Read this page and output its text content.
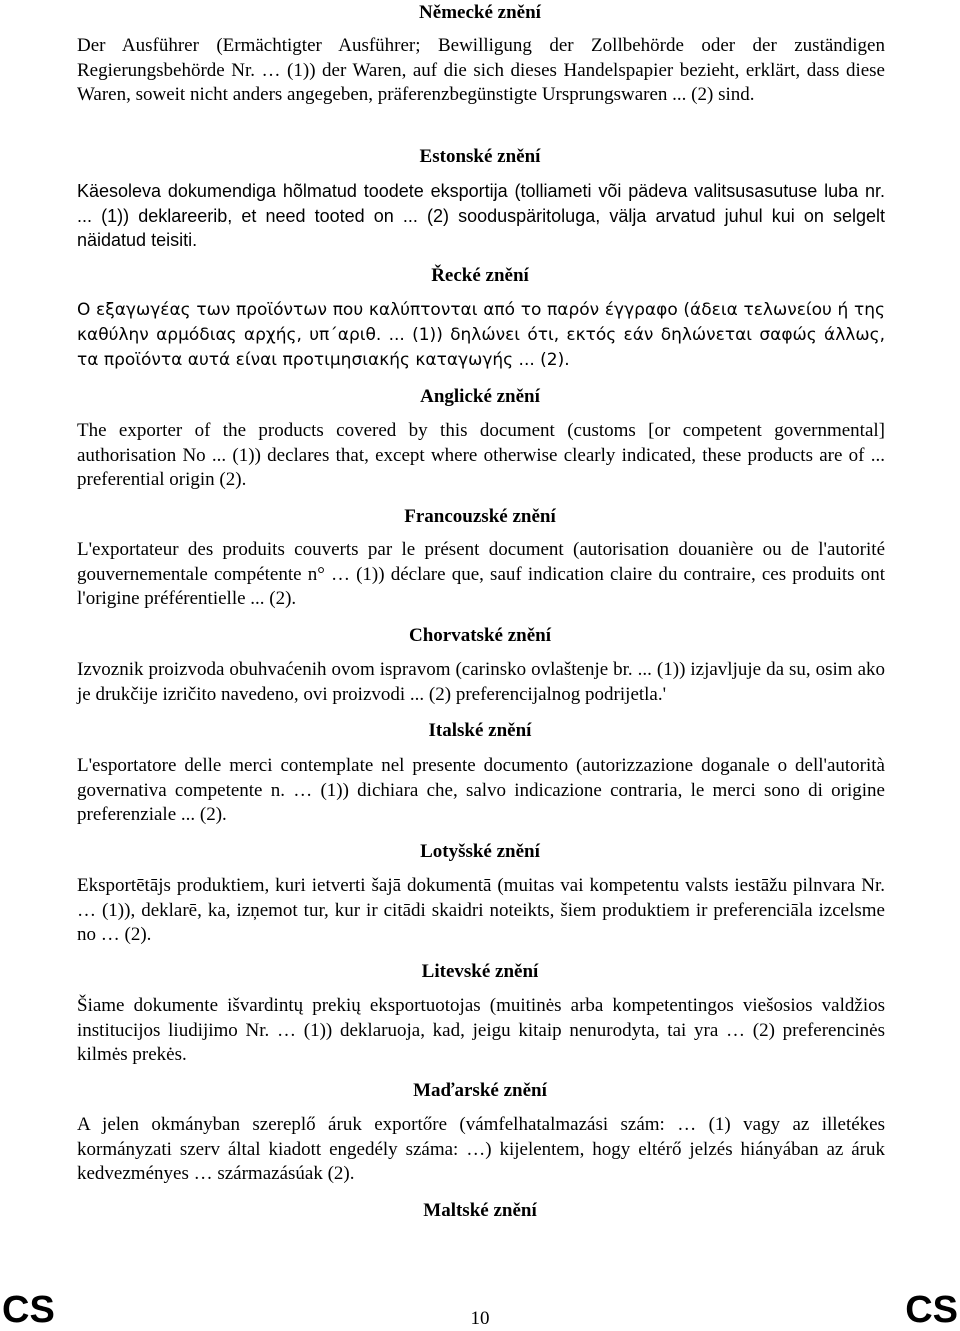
Německé znění
Der Ausführer (Ermächtigter Ausführer; Bewilligung der Zollbehörde oder der zuständigen Regierungsbehörde Nr. … (1)) der Waren, auf die sich dieses Handelspapier bezieht, erklärt, dass diese Waren, soweit nicht anders angegeben, präferenzbegünstigte Ursprungswaren ... (2) sind.
Estonské znění
Käesoleva dokumendiga hõlmatud toodete eksportija (tolliameti või pädeva valitsusasutuse luba nr. ... (1)) deklareerib, et need tooted on ... (2) sooduspäritoluga, välja arvatud juhul kui on selgelt näidatud teisiti.
Řecké znění
Ο εξαγωγέας των προϊόντων που καλύπτονται από το παρόν έγγραφο (άδεια τελωνείου ή της καθύλην αρμόδιας αρχής, υπ΄αριθ. ... (1)) δηλώνει ότι, εκτός εάν δηλώνεται σαφώς άλλως, τα προϊόντα αυτά είναι προτιμησιακής καταγωγής ... (2).
Anglické znění
The exporter of the products covered by this document (customs [or competent governmental] authorisation No ... (1)) declares that, except where otherwise clearly indicated, these products are of ... preferential origin (2).
Francouzské znění
L'exportateur des produits couverts par le présent document (autorisation douanière ou de l'autorité gouvernementale compétente n° … (1)) déclare que, sauf indication claire du contraire, ces produits ont l'origine préférentielle ... (2).
Chorvatské znění
Izvoznik proizvoda obuhvaćenih ovom ispravom (carinsko ovlaštenje br. ... (1)) izjavljuje da su, osim ako je drukčije izričito navedeno, ovi proizvodi ... (2) preferencijalnog podrijetla.'
Italské znění
L'esportatore delle merci contemplate nel presente documento (autorizzazione doganale o dell'autorità governativa competente n. … (1)) dichiara che, salvo indicazione contraria, le merci sono di origine preferenziale ... (2).
Lotyšské znění
Eksportētājs produktiem, kuri ietverti šajā dokumentā (muitas vai kompetentu valsts iestāžu pilnvara Nr. … (1)), deklarē, ka, izņemot tur, kur ir citādi skaidri noteikts, šiem produktiem ir preferenciāla izcelsme no … (2).
Litevské znění
Šiame dokumente išvardintų prekių eksportuotojas (muitinės arba kompetentingos viešosios valdžios institucijos liudijimo Nr. … (1)) deklaruoja, kad, jeigu kitaip nenurodyta, tai yra … (2) preferencinės kilmės prekės.
Maďarské znění
A jelen okmányban szereplő áruk exportőre (vámfelhatalmazási szám: … (1) vagy az illetékes kormányzati szerv által kiadott engedély száma: …) kijelentem, hogy eltérő jelzés hiányában az áruk kedvezményes … származásúak (2).
Maltské znění
CS	10	CS
